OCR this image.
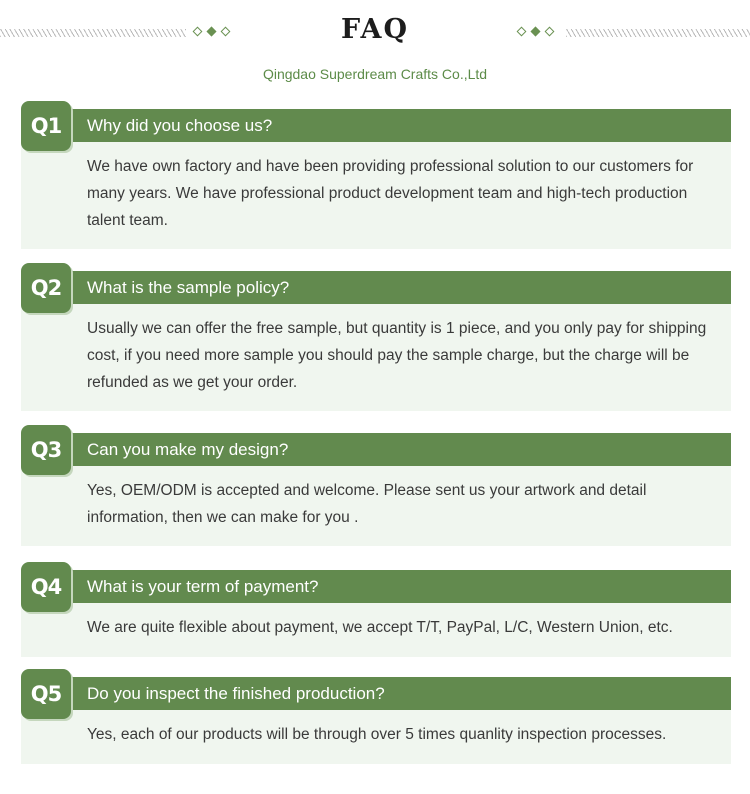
FAQ
Qingdao Superdream Crafts Co.,Ltd
Q1	Why did you choose us?
We have own factory and have been providing professional solution to our customers for many years. We have professional product development team and high-tech production talent team.
Q2	What is the sample policy?
Usually we can offer the free sample, but quantity is 1 piece, and you only pay for shipping cost, if you need more sample you should pay the sample charge, but the charge will be refunded as we get your order.
Q3	Can you make my design?
Yes, OEM/ODM is accepted and welcome. Please sent us your artwork and detail information, then we can make for you .
Q4	What is your term of payment?
We are quite flexible about payment, we accept T/T, PayPal, L/C, Western Union, etc.
Q5	Do you inspect the finished production?
Yes, each of our products will be through over 5 times quanlity inspection processes.
